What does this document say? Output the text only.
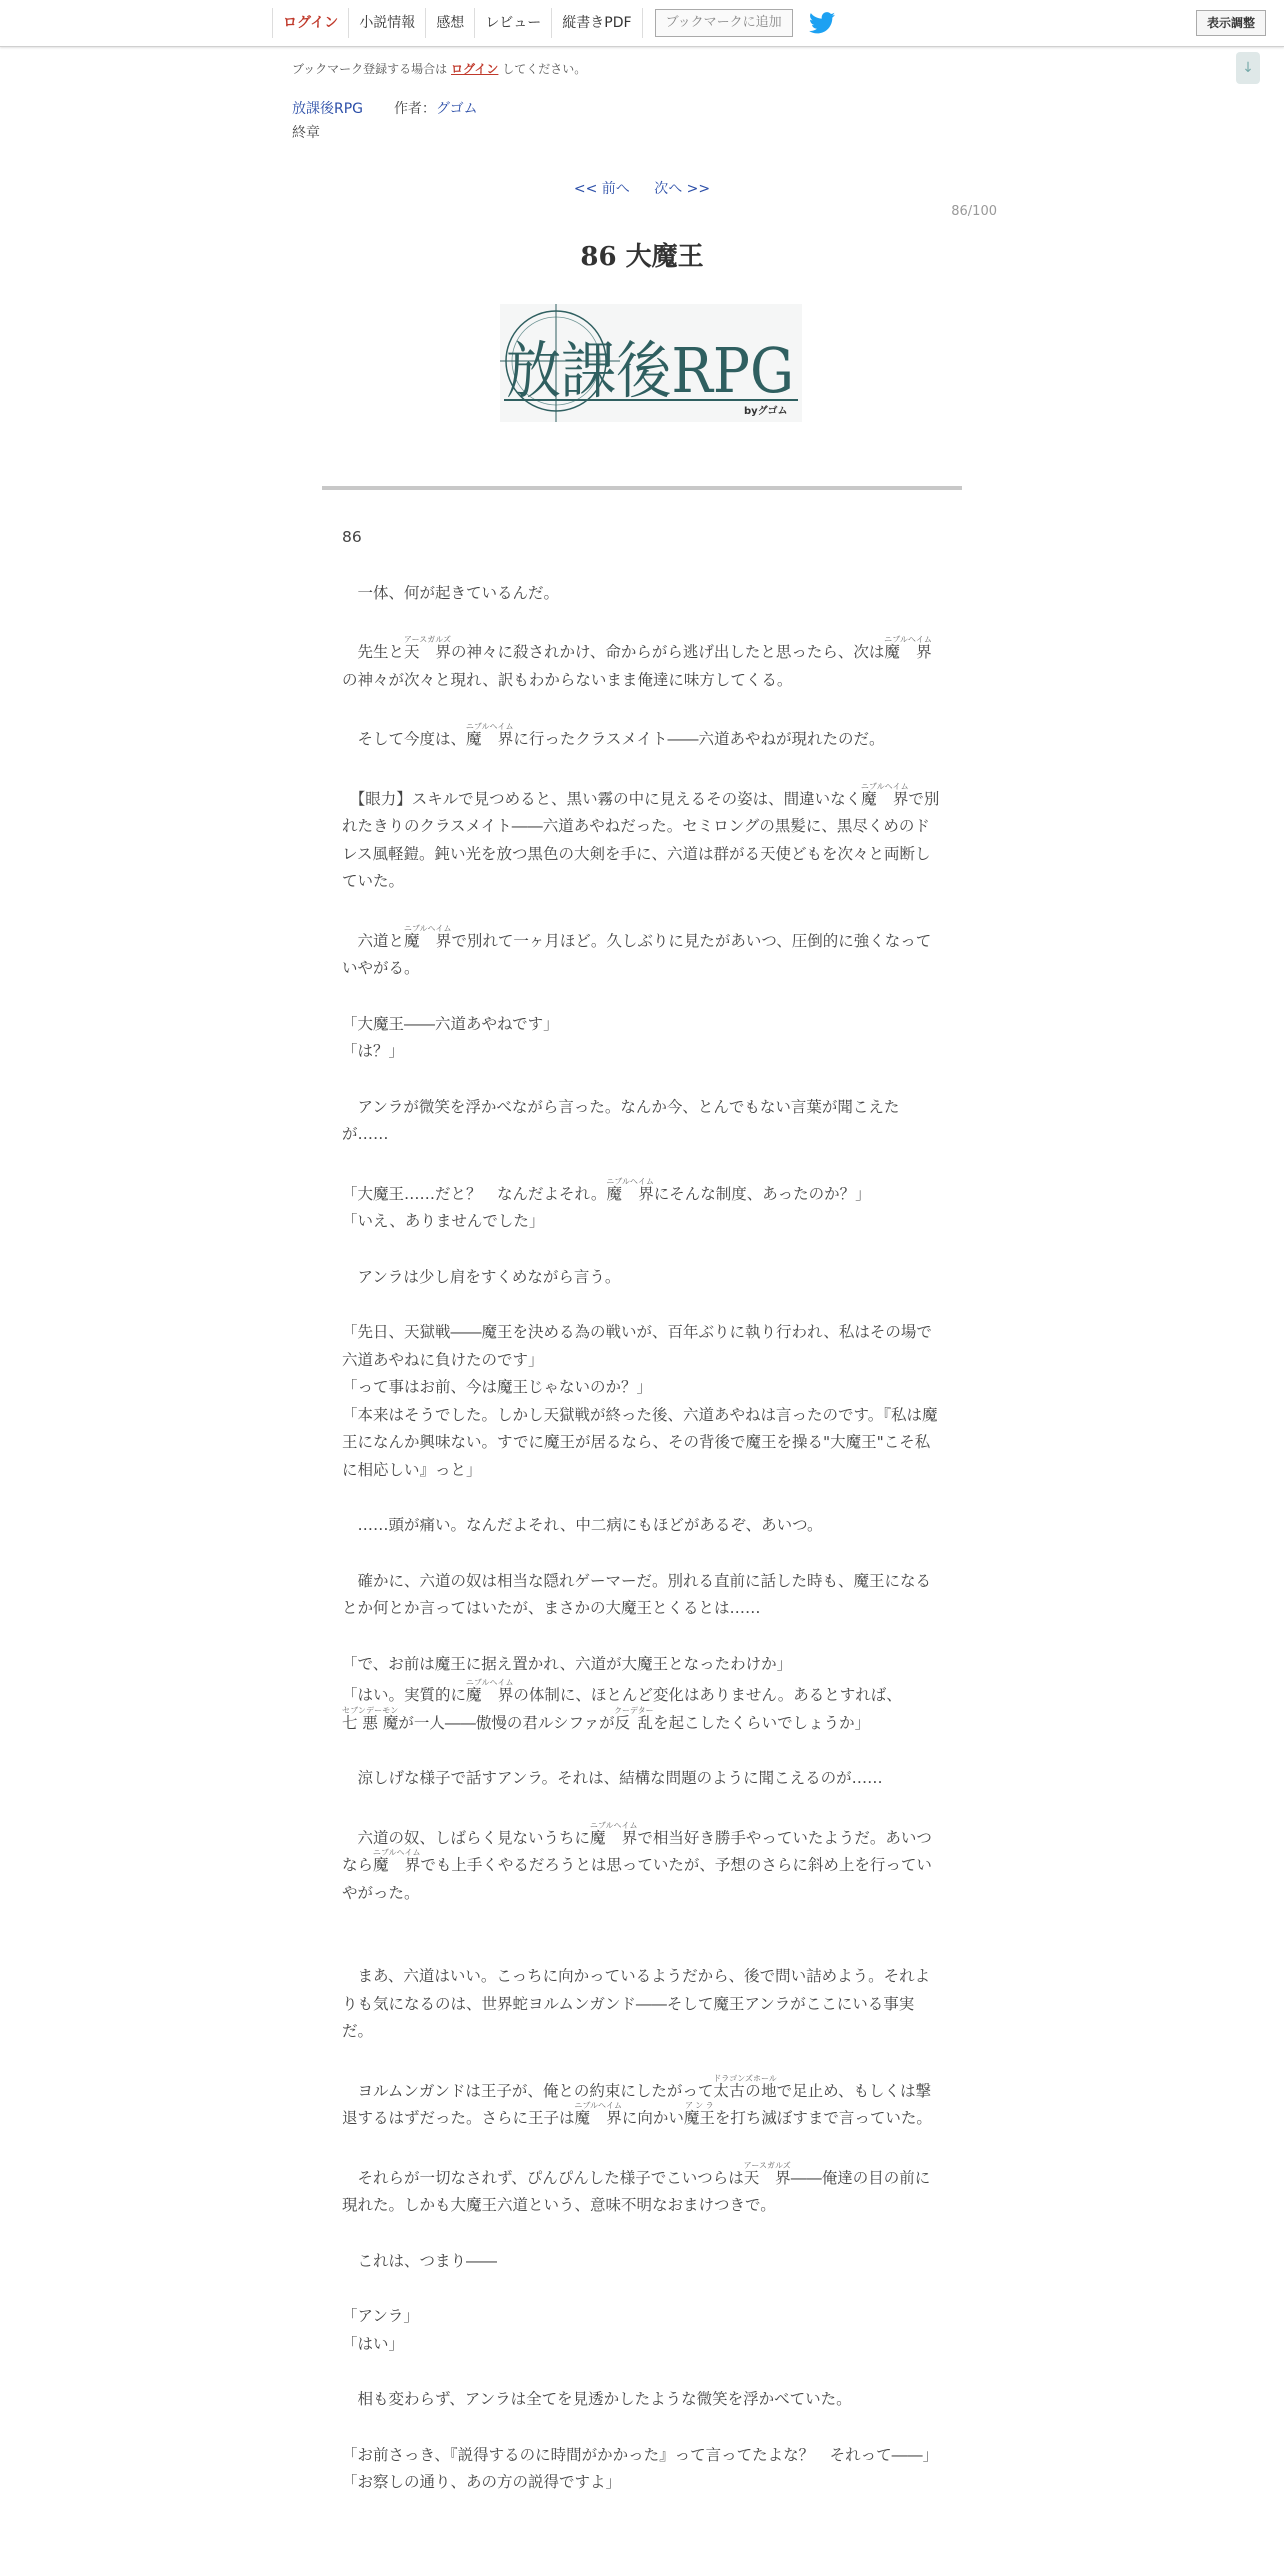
ログイン	小説情報	感想	レビュー	縦書きPDF	ブックマークに追加	表示調整
↓
ブックマーク登録する場合は ログイン してください。
放課後RPG 作者：グゴム
終章
<< 前へ 次へ >>
86/100
86 大魔王
放課後RPG
byグゴム

86

　一体、何が起きているんだ。

　先生と天　界アースガルズの神々に殺されかけ、命からがら逃げ出したと思ったら、次は魔　界ニブルヘイムの神々が次々と現れ、訳もわからないまま俺達に味方してくる。

　そして今度は、魔　界ニブルヘイムに行ったクラスメイト――六道あやねが現れたのだ。

　【眼力】スキルで見つめると、黒い霧の中に見えるその姿は、間違いなく魔　界ニブルヘイムで別れたきりのクラスメイト――六道あやねだった。セミロングの黒髪に、黒尽くめのドレス風軽鎧。鈍い光を放つ黒色の大剣を手に、六道は群がる天使どもを次々と両断していた。

　六道と魔　界ニブルヘイムで別れて一ヶ月ほど。久しぶりに見たがあいつ、圧倒的に強くなっていやがる。

「大魔王――六道あやねです」

「は？」

　アンラが微笑を浮かべながら言った。なんか今、とんでもない言葉が聞こえたが……

「大魔王……だと？　なんだよそれ。魔　界ニブルヘイムにそんな制度、あったのか？」

「いえ、ありませんでした」

　アンラは少し肩をすくめながら言う。

「先日、天獄戦――魔王を決める為の戦いが、百年ぶりに執り行われ、私はその場で六道あやねに負けたのです」

「って事はお前、今は魔王じゃないのか？」

「本来はそうでした。しかし天獄戦が終った後、六道あやねは言ったのです。『私は魔王になんか興味ない。すでに魔王が居るなら、その背後で魔王を操る"大魔王"こそ私に相応しい』っと」

　……頭が痛い。なんだよそれ、中二病にもほどがあるぞ、あいつ。

　確かに、六道の奴は相当な隠れゲーマーだ。別れる直前に話した時も、魔王になるとか何とか言ってはいたが、まさかの大魔王とくるとは……

「で、お前は魔王に据え置かれ、六道が大魔王となったわけか」

「はい。実質的に魔　界ニブルヘイムの体制に、ほとんど変化はありません。あるとすれば、七 悪 魔セブンデーモンが一人――傲慢の君ルシファが反 乱クーデターを起こしたくらいでしょうか」

　涼しげな様子で話すアンラ。それは、結構な問題のように聞こえるのが……

　六道の奴、しばらく見ないうちに魔　界ニブルヘイムで相当好き勝手やっていたようだ。あいつなら魔　界ニブルヘイムでも上手くやるだろうとは思っていたが、予想のさらに斜め上を行っていやがった。

　まあ、六道はいい。こっちに向かっているようだから、後で問い詰めよう。それよりも気になるのは、世界蛇ヨルムンガンド――そして魔王アンラがここにいる事実だ。

　ヨルムンガンドは王子が、俺との約束にしたがって太古の地ドラゴンズホールで足止め、もしくは撃退するはずだった。さらに王子は魔　界ニブルヘイムに向かい魔王アンラを打ち滅ぼすまで言っていた。

　それらが一切なされず、ぴんぴんした様子でこいつらは天　界アースガルズ――俺達の目の前に現れた。しかも大魔王六道という、意味不明なおまけつきで。

　これは、つまり――

「アンラ」

「はい」

　相も変わらず、アンラは全てを見透かしたような微笑を浮かべていた。

「お前さっき、『説得するのに時間がかかった』って言ってたよな？　それって――」

「お察しの通り、あの方の説得ですよ」
